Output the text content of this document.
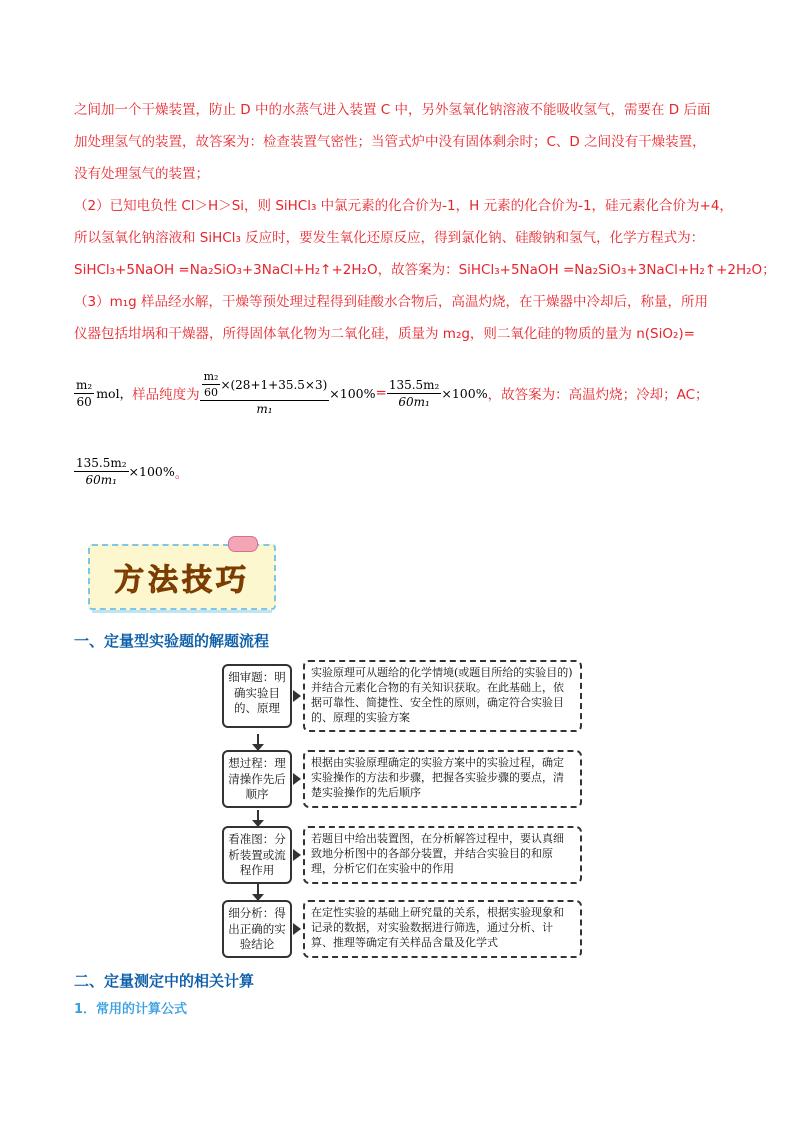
之间加一个干燥装置，防止 D 中的水蒸气进入装置 C 中，另外氢氧化钠溶液不能吸收氢气，需要在 D 后面
加处理氢气的装置，故答案为：检查装置气密性；当管式炉中没有固体剩余时；C、D 之间没有干燥装置，
没有处理氢气的装置；
（2）已知电负性 Cl＞H＞Si，则 SiHCl₃ 中氯元素的化合价为-1，H 元素的化合价为-1，硅元素化合价为+4，
所以氢氧化钠溶液和 SiHCl₃ 反应时，要发生氧化还原反应，得到氯化钠、硅酸钠和氢气，化学方程式为：
SiHCl₃+5NaOH =Na₂SiO₃+3NaCl+H₂↑+2H₂O，故答案为：SiHCl₃+5NaOH =Na₂SiO₃+3NaCl+H₂↑+2H₂O；
（3）m₁g 样品经水解，干燥等预处理过程得到硅酸水合物后，高温灼烧，在干燥器中冷却后，称量，所用
仪器包括坩埚和干燥器，所得固体氧化物为二氧化硅，质量为 m₂g，则二氧化硅的物质的量为 n(SiO₂)=
$\frac{\text{m₂}}{60}$ mol， 样品纯度为 $\frac{\frac{\text{m₂}}{60} \times(28+1+35.5\times 3)}{\text{m₁}} \times 100\% = \frac{\text{135.5m₂}}{\text{60m₁}} \times 100\%$ ，故答案为：高温灼烧；冷却；AC；
$\frac{\text{135.5m₂}}{\text{60m₁}} \times 100\%$ 。
方法技巧
一、定量型实验题的解题流程
细审题：明确实验目的、原理
实验原理可从题给的化学情境(或题目所给的实验目的)并结合元素化合物的有关知识获取。在此基础上，依据可靠性、简捷性、安全性的原则，确定符合实验目的、原理的实验方案
想过程：理清操作先后顺序
根据由实验原理确定的实验方案中的实验过程，确定实验操作的方法和步骤，把握各实验步骤的要点，清楚实验操作的先后顺序
看准图：分析装置或流程作用
若题目中给出装置图，在分析解答过程中，要认真细致地分析图中的各部分装置，并结合实验目的和原理，分析它们在实验中的作用
细分析：得出正确的实验结论
在定性实验的基础上研究量的关系，根据实验现象和记录的数据，对实验数据进行筛选，通过分析、计算、推理等确定有关样品含量及化学式
二、定量测定中的相关计算
1．常用的计算公式
